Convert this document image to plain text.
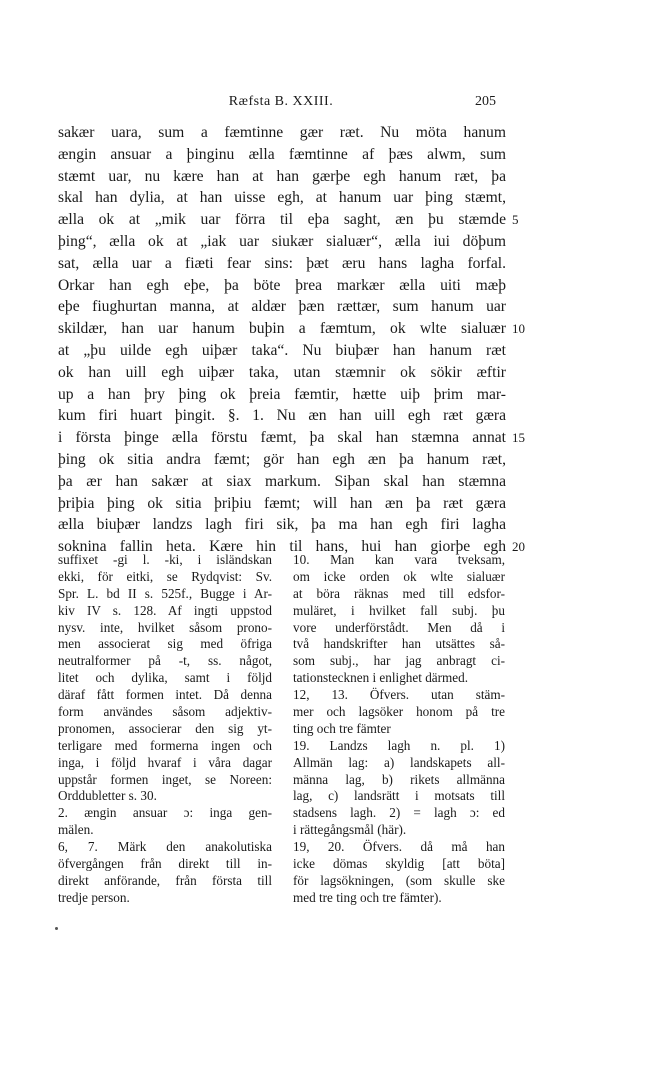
Ræfsta B. XXIII.	205
sakær uara, sum a fæmtinne gær ræt. Nu möta hanum
ængin ansuar a þinginu ælla fæmtinne af þæs alwm, sum
stæmt uar, nu kære han at han gærþe egh hanum ræt, þa
skal han dylia, at han uisse egh, at hanum uar þing stæmt,
ælla ok at „mik uar förra til eþa saght, æn þu stæmde 5
þing“, ælla ok at „iak uar siukær sialuær“, ælla iui döþum
sat, ælla uar a fiæti fear sins: þæt æru hans lagha forfal.
Orkar han egh eþe, þa böte þrea markær ælla uiti mæþ
eþe fiughurtan manna, at aldær þæn rættær, sum hanum uar
skildær, han uar hanum buþin a fæmtum, ok wlte sialuær 10
at „þu uilde egh uiþær taka“. Nu biuþær han hanum ræt
ok han uill egh uiþær taka, utan stæmnir ok sökir æftir
up a han þry þing ok þreia fæmtir, hætte uiþ þrim mar-
kum firi huart þingit. §. 1. Nu æn han uill egh ræt gæra
i första þinge ælla förstu fæmt, þa skal han stæmna annat 15
þing ok sitia andra fæmt; gör han egh æn þa hanum ræt,
þa ær han sakær at siax markum. Siþan skal han stæmna
þriþia þing ok sitia þriþiu fæmt; will han æn þa ræt gæra
ælla biuþær landzs lagh firi sik, þa ma han egh firi lagha
soknina fallin heta. Kære hin til hans, hui han giorþe egh 20
suffixet -gi l. -ki, i isländskan
ekki, för eitki, se Rydqvist: Sv.
Spr. L. bd II s. 525f., Bugge i Ar-
kiv IV s. 128. Af ingti uppstod
nysv. inte, hvilket såsom prono-
men associerat sig med öfriga
neutralformer på -t, ss. något,
litet och dylika, samt i följd
däraf fått formen intet. Då denna
form användes såsom adjektiv-
pronomen, associerar den sig yt-
terligare med formerna ingen och
inga, i följd hvaraf i våra dagar
uppstår formen inget, se Noreen:
Orddubletter s. 30.
2. ængin ansuar ɔ: inga gen-
mälen.
6, 7. Märk den anakolutiska
öfvergången från direkt till in-
direkt anförande, från första till
tredje person.
10. Man kan vara tveksam,
om icke orden ok wlte sialuær
at böra räknas med till edsfor-
muläret, i hvilket fall subj. þu
vore underförstådt. Men då i
två handskrifter han utsättes så-
som subj., har jag anbragt ci-
tationstecknen i enlighet därmed.
12, 13. Öfvers. utan stäm-
mer och lagsöker honom på tre
ting och tre fämter
19. Landzs lagh n. pl. 1)
Allmän lag: a) landskapets all-
männa lag, b) rikets allmänna
lag, c) landsrätt i motsats till
stadsens lagh. 2) = lagh ɔ: ed
i rättegångsmål (här).
19, 20. Öfvers. då må han
icke dömas skyldig [att böta]
för lagsökningen, (som skulle ske
med tre ting och tre fämter).
